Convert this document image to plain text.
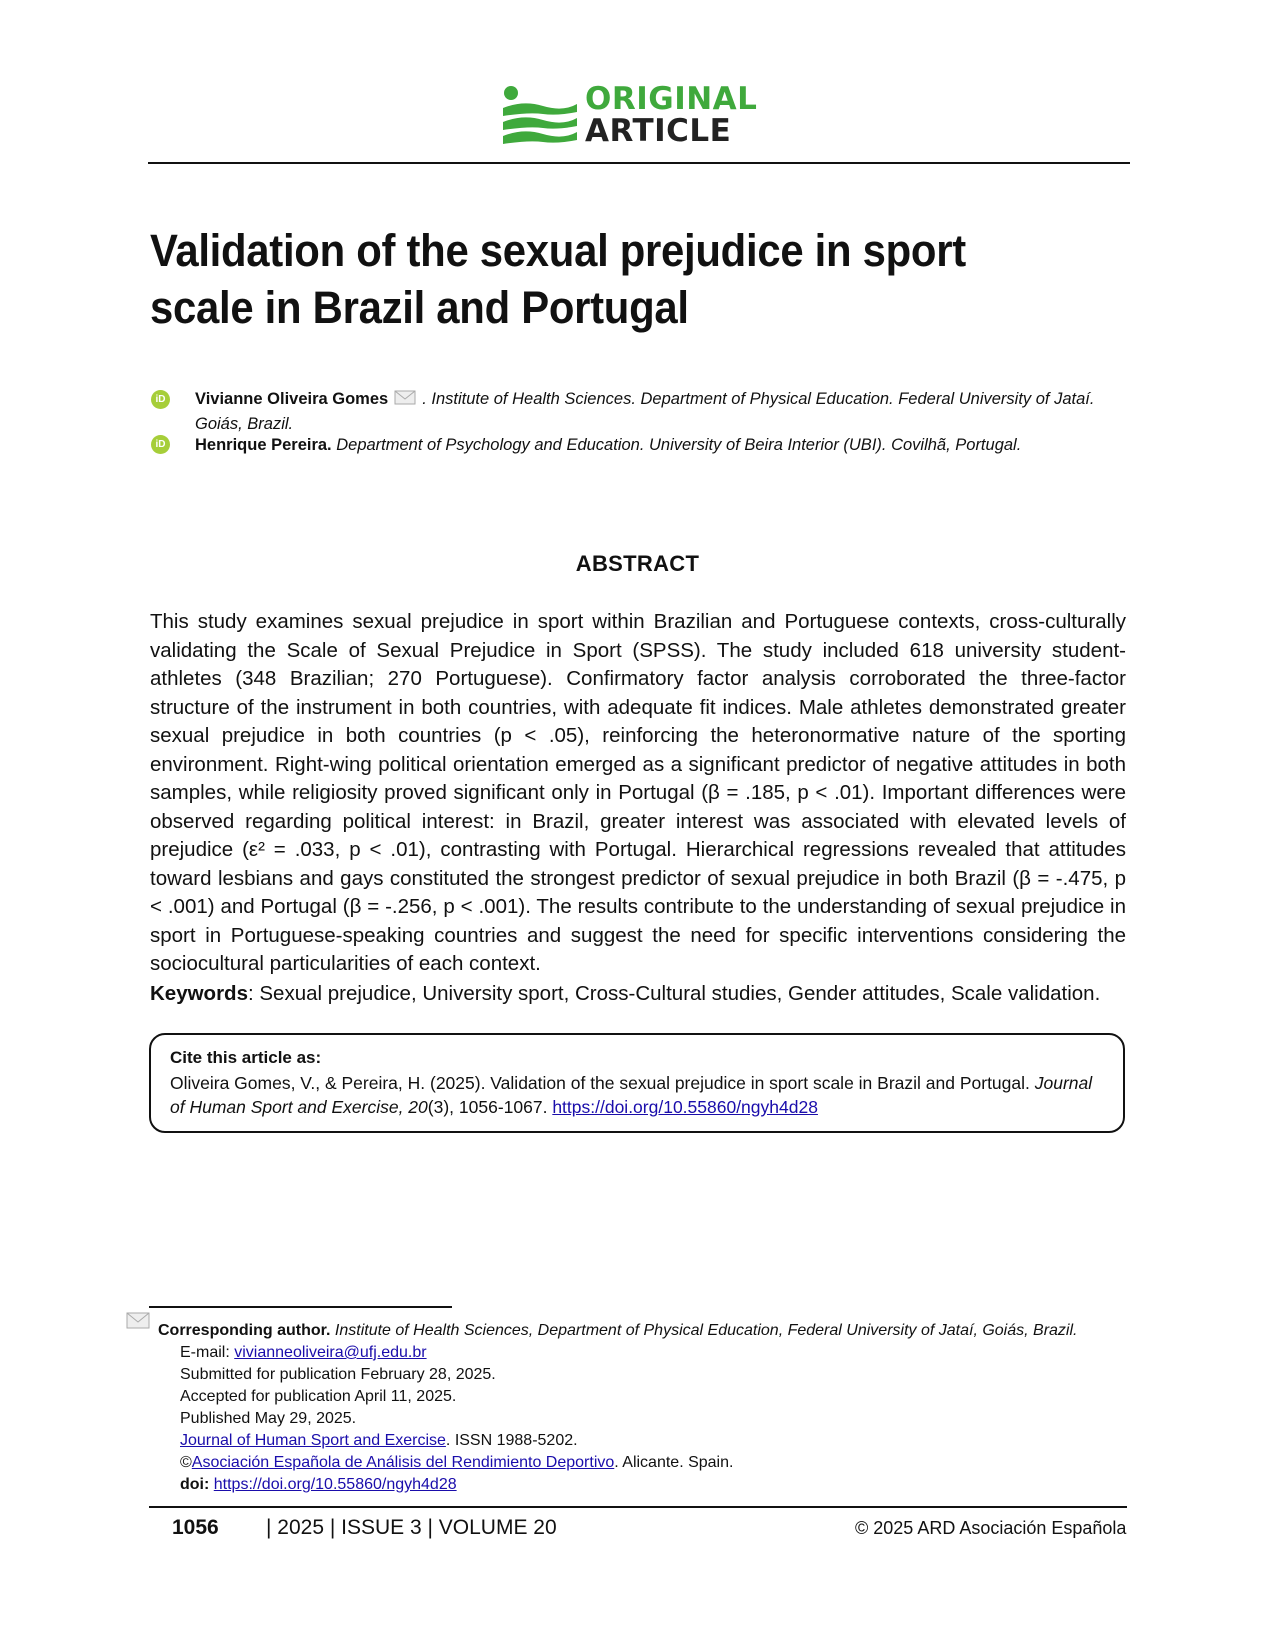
ORIGINAL
ARTICLE
Validation of the sexual prejudice in sport scale in Brazil and Portugal
iD Vivianne Oliveira Gomes . Institute of Health Sciences. Department of Physical Education. Federal University of Jataí. Goiás, Brazil.
iD Henrique Pereira. Department of Psychology and Education. University of Beira Interior (UBI). Covilhã, Portugal.
ABSTRACT
This study examines sexual prejudice in sport within Brazilian and Portuguese contexts, cross-culturally validating the Scale of Sexual Prejudice in Sport (SPSS). The study included 618 university student-athletes (348 Brazilian; 270 Portuguese). Confirmatory factor analysis corroborated the three-factor structure of the instrument in both countries, with adequate fit indices. Male athletes demonstrated greater sexual prejudice in both countries (p < .05), reinforcing the heteronormative nature of the sporting environment. Right-wing political orientation emerged as a significant predictor of negative attitudes in both samples, while religiosity proved significant only in Portugal (β = .185, p < .01). Important differences were observed regarding political interest: in Brazil, greater interest was associated with elevated levels of prejudice (ε² = .033, p < .01), contrasting with Portugal. Hierarchical regressions revealed that attitudes toward lesbians and gays constituted the strongest predictor of sexual prejudice in both Brazil (β = -.475, p < .001) and Portugal (β = -.256, p < .001). The results contribute to the understanding of sexual prejudice in sport in Portuguese-speaking countries and suggest the need for specific interventions considering the sociocultural particularities of each context.
Keywords: Sexual prejudice, University sport, Cross-Cultural studies, Gender attitudes, Scale validation.
Cite this article as:
Oliveira Gomes, V., & Pereira, H. (2025). Validation of the sexual prejudice in sport scale in Brazil and Portugal. Journal of Human Sport and Exercise, 20(3), 1056-1067. https://doi.org/10.55860/ngyh4d28
Corresponding author. Institute of Health Sciences, Department of Physical Education, Federal University of Jataí, Goiás, Brazil.
E-mail: vivianneoliveira@ufj.edu.br
Submitted for publication February 28, 2025.
Accepted for publication April 11, 2025.
Published May 29, 2025.
Journal of Human Sport and Exercise. ISSN 1988-5202.
©Asociación Española de Análisis del Rendimiento Deportivo. Alicante. Spain.
doi: https://doi.org/10.55860/ngyh4d28
1056 | 2025 | ISSUE 3 | VOLUME 20	© 2025 ARD Asociación Española
